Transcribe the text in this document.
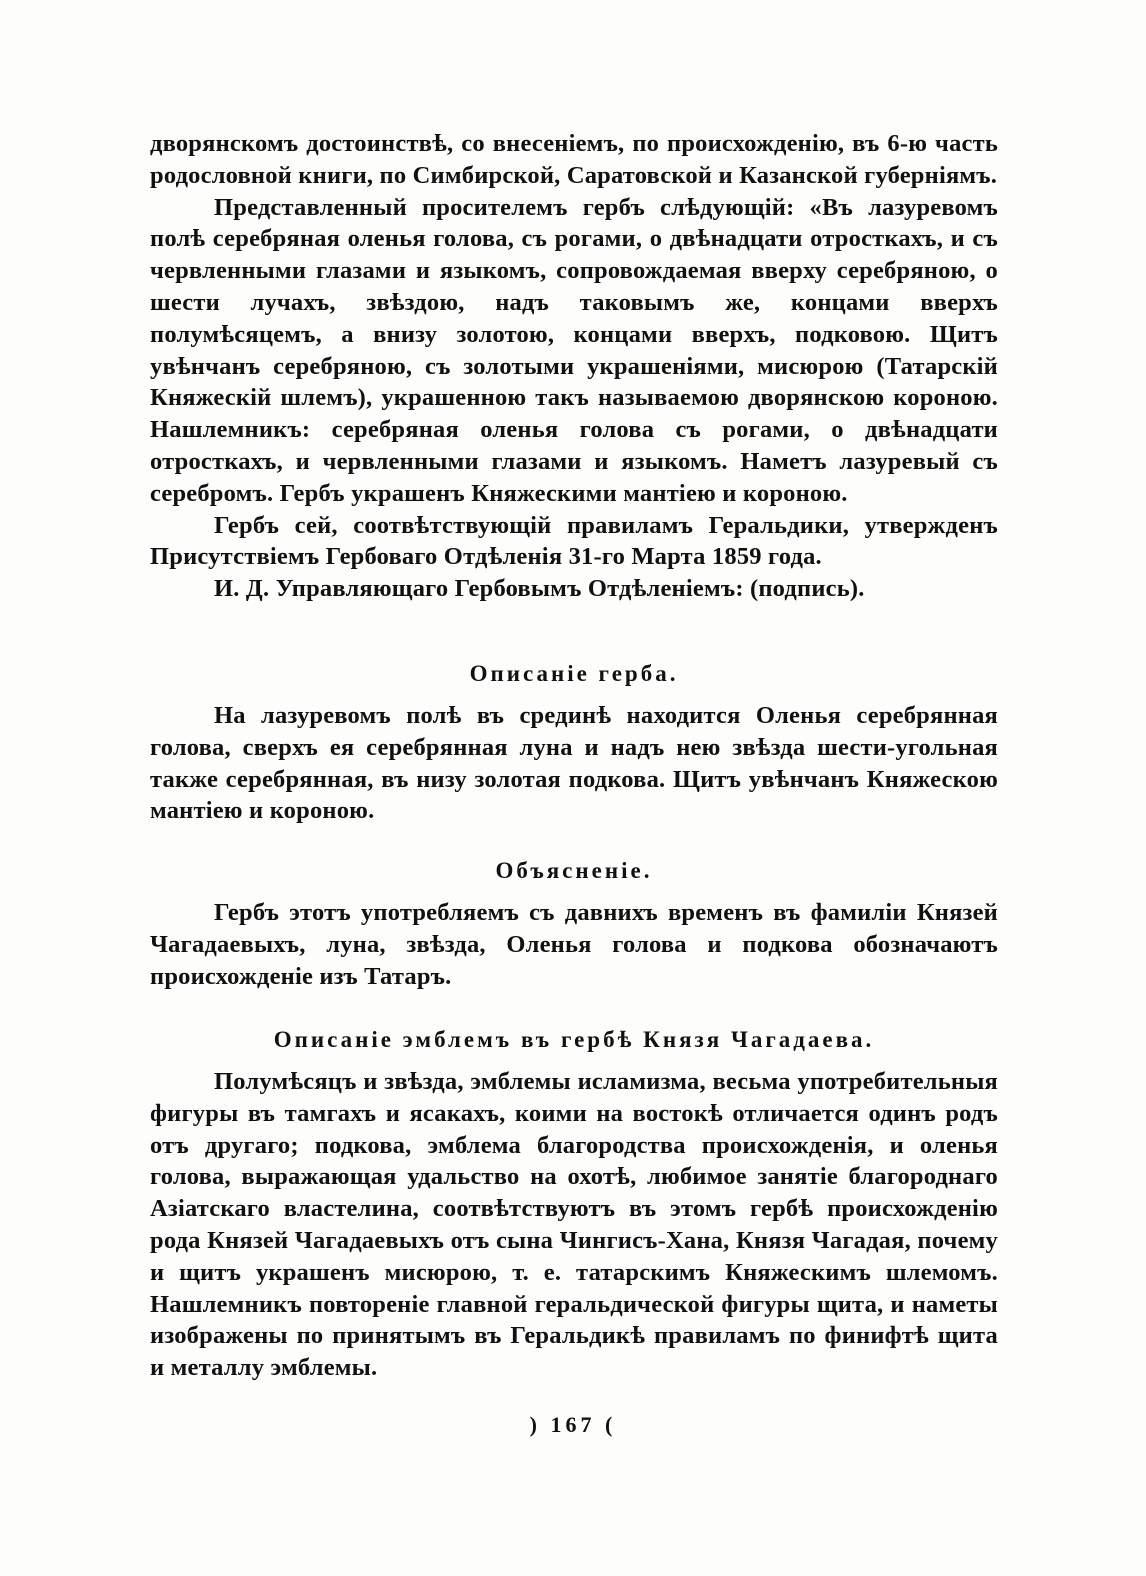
дворянскомъ достоинствѣ, со внесеніемъ, по происхожденію, въ 6-ю часть родословной книги, по Симбирской, Саратовской и Казанской губерніямъ.

Представленный просителемъ гербъ слѣдующій: «Въ лазуревомъ полѣ серебряная оленья голова, съ рогами, о двѣнадцати отросткахъ, и съ червленными глазами и языкомъ, сопровождаемая вверху серебряною, о шести лучахъ, звѣздою, надъ таковымъ же, концами вверхъ полумѣсяцемъ, а внизу золотою, концами вверхъ, подковою. Щитъ увѣнчанъ серебряною, съ золотыми украшеніями, мисюрою (Татарскій Княжескій шлемъ), украшенною такъ называемою дворянскою короною. Нашлемникъ: серебряная оленья голова съ рогами, о двѣнадцати отросткахъ, и червленными глазами и языкомъ. Наметъ лазуревый съ серебромъ. Гербъ украшенъ Княжескими мантіею и короною.

Гербъ сей, соотвѣтствующій правиламъ Геральдики, утвержденъ Присутствіемъ Гербоваго Отдѣленія 31-го Марта 1859 года.

И. Д. Управляющаго Гербовымъ Отдѣленіемъ: (подпись).

Описаніе герба.

На лазуревомъ полѣ въ срединѣ находится Оленья серебрянная голова, сверхъ ея серебрянная луна и надъ нею звѣзда шести-угольная также серебрянная, въ низу золотая подкова. Щитъ увѣнчанъ Княжескою мантіею и короною.

Объясненіе.

Гербъ этотъ употребляемъ съ давнихъ временъ въ фамиліи Князей Чагадаевыхъ, луна, звѣзда, Оленья голова и подкова обозначаютъ происхожденіе изъ Татаръ.

Описаніе эмблемъ въ гербѣ Князя Чагадаева.

Полумѣсяцъ и звѣзда, эмблемы исламизма, весьма употребительныя фигуры въ тамгахъ и ясакахъ, коими на востокѣ отличается одинъ родъ отъ другаго; подкова, эмблема благородства происхожденія, и оленья голова, выражающая удальство на охотѣ, любимое занятіе благороднаго Азіатскаго властелина, соотвѣтствуютъ въ этомъ гербѣ происхожденію рода Князей Чагадаевыхъ отъ сына Чингисъ-Хана, Князя Чагадая, почему и щитъ украшенъ мисюрою, т. е. татарскимъ Княжескимъ шлемомъ. Нашлемникъ повтореніе главной геральдической фигуры щита, и наметы изображены по принятымъ въ Геральдикѣ правиламъ по финифтѣ щита и металлу эмблемы.

) 167 (
